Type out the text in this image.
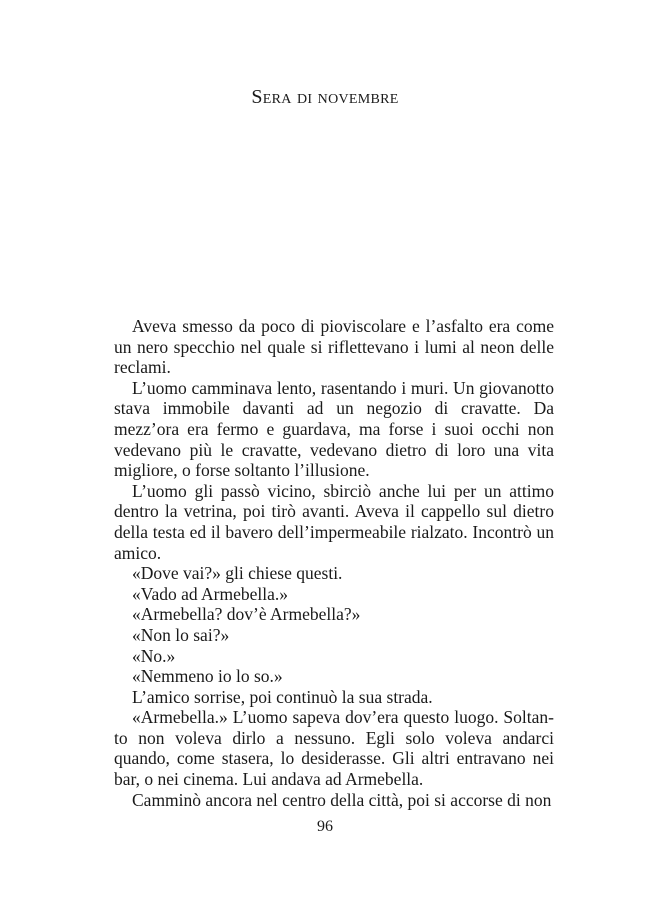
Sera di novembre

Aveva smesso da poco di pioviscolare e l’asfalto era come un nero specchio nel quale si riflettevano i lumi al neon delle reclami.

L’uomo camminava lento, rasentando i muri. Un giovanotto stava immobile davanti ad un negozio di cravatte. Da mezz’ora era fermo e guardava, ma forse i suoi occhi non vedevano più le cravatte, vedevano dietro di loro una vita migliore, o forse soltanto l’illusione.

L’uomo gli passò vicino, sbirciò anche lui per un attimo dentro la vetrina, poi tirò avanti. Aveva il cappello sul dietro della testa ed il bavero dell’impermeabile rialzato. Incontrò un amico.

«Dove vai?» gli chiese questi.

«Vado ad Armebella.»

«Armebella? dov’è Armebella?»

«Non lo sai?»

«No.»

«Nemmeno io lo so.»

L’amico sorrise, poi continuò la sua strada.

«Armebella.» L’uomo sapeva dov’era questo luogo. Soltanto non voleva dirlo a nessuno. Egli solo voleva andarci quando, come stasera, lo desiderasse. Gli altri entravano nei bar, o nei cinema. Lui andava ad Armebella.

Camminò ancora nel centro della città, poi si accorse di non

96
